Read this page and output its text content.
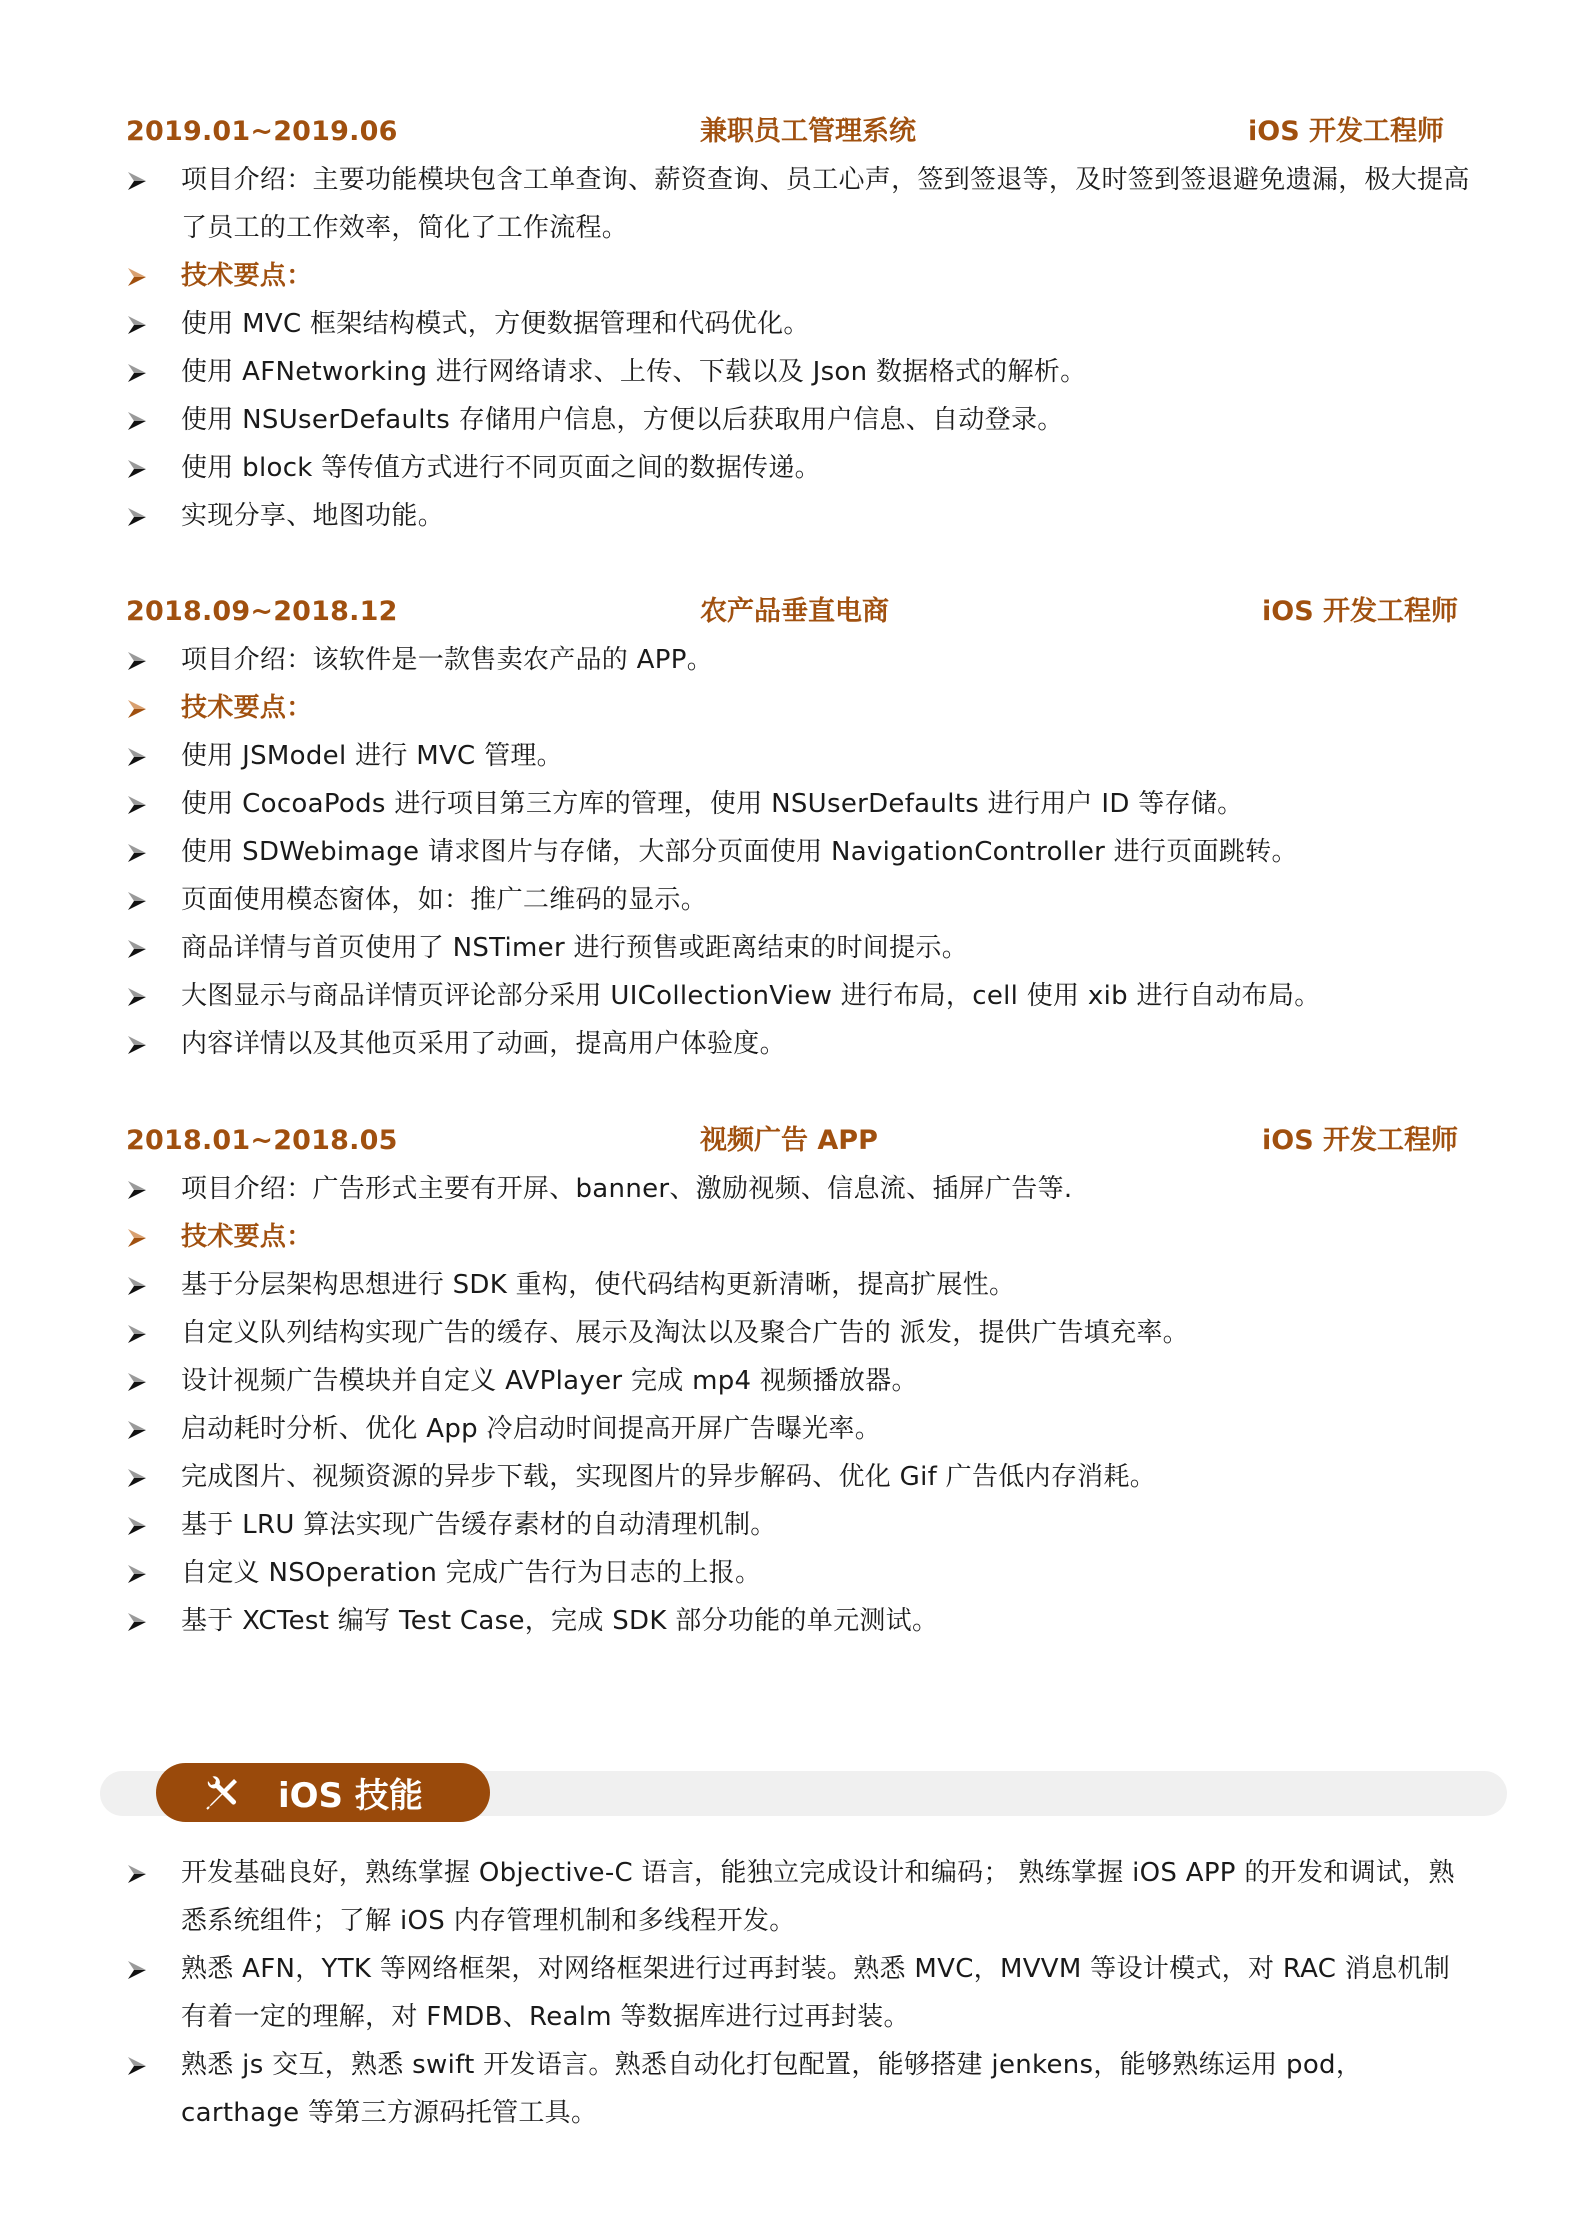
2019.01~2019.06	兼职员工管理系统	iOS 开发工程师
项目介绍：主要功能模块包含工单查询、薪资查询、员工心声，签到签退等，及时签到签退避免遗漏，极大提高了员工的工作效率，简化了工作流程。
技术要点：
使用 MVC 框架结构模式，方便数据管理和代码优化。
使用 AFNetworking 进行网络请求、上传、下载以及 Json 数据格式的解析。
使用 NSUserDefaults 存储用户信息，方便以后获取用户信息、自动登录。
使用 block 等传值方式进行不同页面之间的数据传递。
实现分享、地图功能。
2018.09~2018.12	农产品垂直电商	iOS 开发工程师
项目介绍：该软件是一款售卖农产品的 APP。
技术要点：
使用 JSModel 进行 MVC 管理。
使用 CocoaPods 进行项目第三方库的管理，使用 NSUserDefaults 进行用户 ID 等存储。
使用 SDWebimage 请求图片与存储，大部分页面使用 NavigationController 进行页面跳转。
页面使用模态窗体，如：推广二维码的显示。
商品详情与首页使用了 NSTimer 进行预售或距离结束的时间提示。
大图显示与商品详情页评论部分采用 UICollectionView 进行布局，cell 使用 xib 进行自动布局。
内容详情以及其他页采用了动画，提高用户体验度。
2018.01~2018.05	视频广告 APP	iOS 开发工程师
项目介绍：广告形式主要有开屏、banner、激励视频、信息流、插屏广告等.
技术要点：
基于分层架构思想进行 SDK 重构，使代码结构更新清晰，提高扩展性。
自定义队列结构实现广告的缓存、展示及淘汰以及聚合广告的 派发，提供广告填充率。
设计视频广告模块并自定义 AVPlayer 完成 mp4 视频播放器。
启动耗时分析、优化 App 冷启动时间提高开屏广告曝光率。
完成图片、视频资源的异步下载，实现图片的异步解码、优化 Gif 广告低内存消耗。
基于 LRU 算法实现广告缓存素材的自动清理机制。
自定义 NSOperation 完成广告行为日志的上报。
基于 XCTest 编写 Test Case，完成 SDK 部分功能的单元测试。
iOS 技能
开发基础良好，熟练掌握 Objective-C 语言，能独立完成设计和编码； 熟练掌握 iOS APP 的开发和调试，熟悉系统组件；了解 iOS 内存管理机制和多线程开发。
熟悉 AFN，YTK 等网络框架，对网络框架进行过再封装。熟悉 MVC，MVVM 等设计模式，对 RAC 消息机制有着一定的理解，对 FMDB、Realm 等数据库进行过再封装。
熟悉 js 交互，熟悉 swift 开发语言。熟悉自动化打包配置，能够搭建 jenkens，能够熟练运用 pod，carthage 等第三方源码托管工具。
